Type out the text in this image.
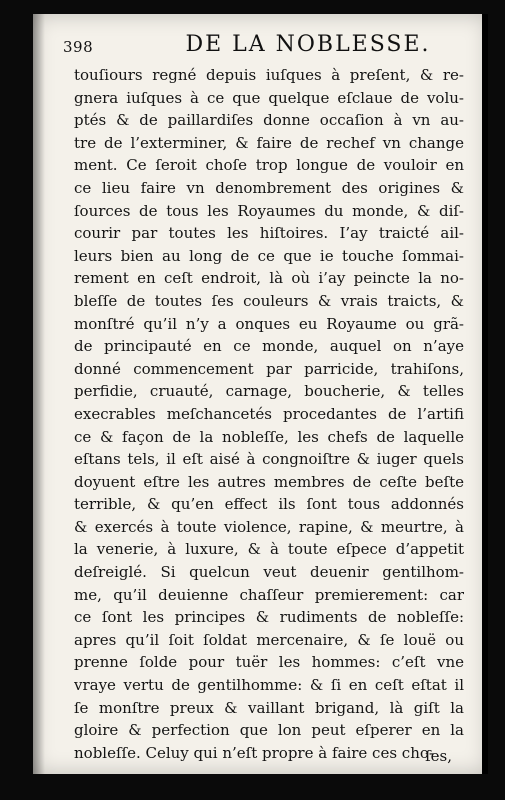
398	DE LA NOBLESSE.
touſiours regné depuis iuſques à preſent, & re-
gnera iuſques à ce que quelque eſclaue de volu-
ptés & de paillardiſes donne occaſion à vn au-
tre de l’exterminer, & faire de rechef vn change
ment. Ce ſeroit choſe trop longue de vouloir en
ce lieu faire vn denombrement des origines &
ſources de tous les Royaumes du monde, & diſ-
courir par toutes les hiſtoires. I’ay traicté ail-
leurs bien au long de ce que ie touche ſommai-
rement en ceſt endroit, là où i’ay peincte la no-
bleſſe de toutes ſes couleurs & vrais traicts, &
monſtré qu’il n’y a onques eu Royaume ou grã-
de principauté en ce monde, auquel on n’aye
donné commencement par parricide, trahiſons,
perfidie, cruauté, carnage, boucherie, & telles
execrables meſchancetés procedantes de l’artifi
ce & façon de la nobleſſe, les chefs de laquelle
eſtans tels, il eſt aisé à congnoiſtre & iuger quels
doyuent eſtre les autres membres de ceſte beſte
terrible, & qu’en effect ils ſont tous addonnés
& exercés à toute violence, rapine, & meurtre, à
la venerie, à luxure, & à toute eſpece d’appetit
deſreiglé. Si quelcun veut deuenir gentilhom-
me, qu’il deuienne chaſſeur premierement: car
ce ſont les principes & rudiments de nobleſſe:
apres qu’il ſoit ſoldat mercenaire, & ſe louë ou
prenne ſolde pour tuër les hommes: c’eſt vne
vraye vertu de gentilhomme: & ſi en ceſt eſtat il
ſe monſtre preux & vaillant brigand, là giſt la
gloire & perfection que lon peut eſperer en la
nobleſſe. Celuy qui n’eſt propre à faire ces cho-
ſes,
